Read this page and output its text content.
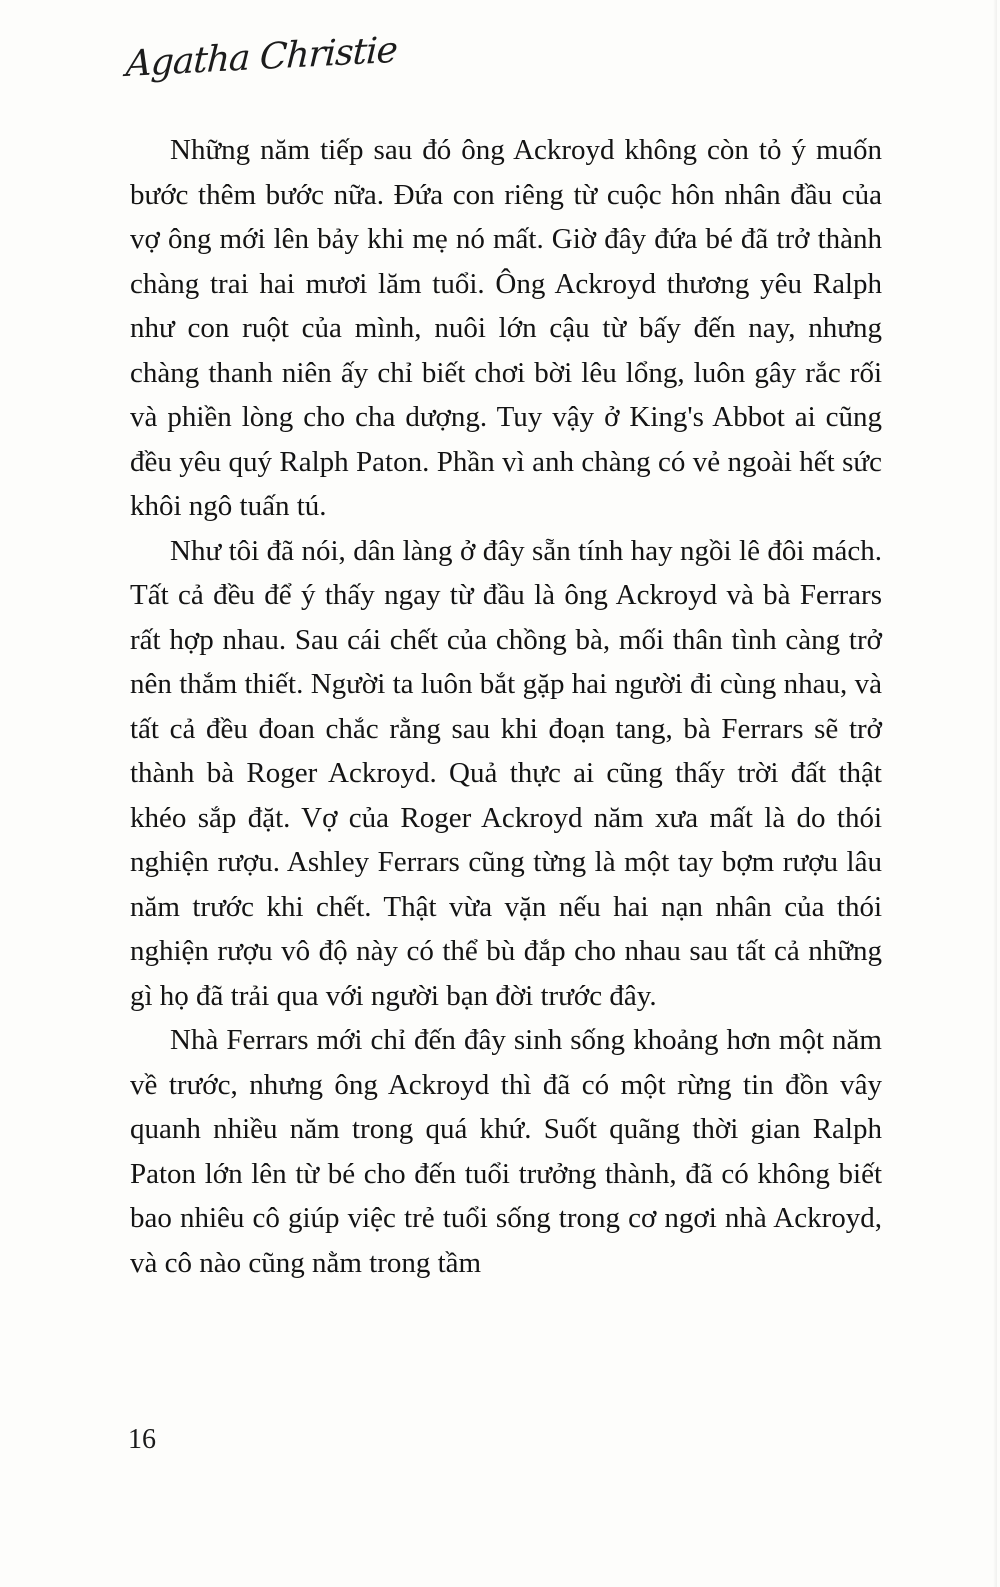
Agatha Christie

Những năm tiếp sau đó ông Ackroyd không còn tỏ ý muốn bước thêm bước nữa. Đứa con riêng từ cuộc hôn nhân đầu của vợ ông mới lên bảy khi mẹ nó mất. Giờ đây đứa bé đã trở thành chàng trai hai mươi lăm tuổi. Ông Ackroyd thương yêu Ralph như con ruột của mình, nuôi lớn cậu từ bấy đến nay, nhưng chàng thanh niên ấy chỉ biết chơi bời lêu lổng, luôn gây rắc rối và phiền lòng cho cha dượng. Tuy vậy ở King's Abbot ai cũng đều yêu quý Ralph Paton. Phần vì anh chàng có vẻ ngoài hết sức khôi ngô tuấn tú.

Như tôi đã nói, dân làng ở đây sẵn tính hay ngồi lê đôi mách. Tất cả đều để ý thấy ngay từ đầu là ông Ackroyd và bà Ferrars rất hợp nhau. Sau cái chết của chồng bà, mối thân tình càng trở nên thắm thiết. Người ta luôn bắt gặp hai người đi cùng nhau, và tất cả đều đoan chắc rằng sau khi đoạn tang, bà Ferrars sẽ trở thành bà Roger Ackroyd. Quả thực ai cũng thấy trời đất thật khéo sắp đặt. Vợ của Roger Ackroyd năm xưa mất là do thói nghiện rượu. Ashley Ferrars cũng từng là một tay bợm rượu lâu năm trước khi chết. Thật vừa vặn nếu hai nạn nhân của thói nghiện rượu vô độ này có thể bù đắp cho nhau sau tất cả những gì họ đã trải qua với người bạn đời trước đây.

Nhà Ferrars mới chỉ đến đây sinh sống khoảng hơn một năm về trước, nhưng ông Ackroyd thì đã có một rừng tin đồn vây quanh nhiều năm trong quá khứ. Suốt quãng thời gian Ralph Paton lớn lên từ bé cho đến tuổi trưởng thành, đã có không biết bao nhiêu cô giúp việc trẻ tuổi sống trong cơ ngơi nhà Ackroyd, và cô nào cũng nằm trong tầm

16
